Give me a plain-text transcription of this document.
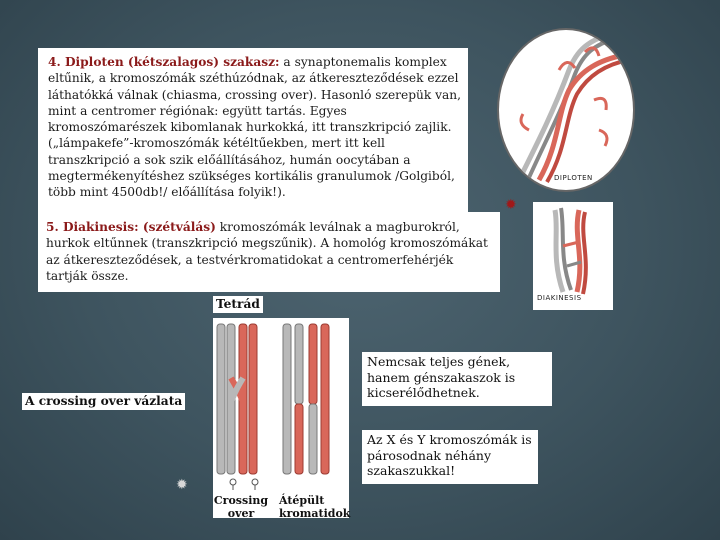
4. Diploten (kétszalagos) szakasz: a synaptonemalis komplex eltűnik, a kromoszómák széthúzódnak, az átkereszteződések ezzel láthatókká válnak (chiasma, crossing over). Hasonló szerepük van, mint a centromer régiónak: együtt tartás. Egyes kromoszómarészek kibomlanak hurkokká, itt transzkripció zajlik. („lámpakefe”-kromoszómák kétéltűekben, mert itt kell transzkripció a sok szik előállításához, humán oocytában a megtermékenyítéshez szükséges kortikális granulumok /Golgiból, több mint 4500db!/ előállítása folyik!).
5. Diakinesis: (szétválás) kromoszómák leválnak a magburokról, hurkok eltűnnek (transzkripció megszűnik). A homológ kromoszómákat az átkereszteződések, a testvérkromatidokat a centromerfehérjék tartják össze.
DIPLOTEN
DIAKINESIS
✹
Tetrád
Crossing over
Átépült kromatidok
A crossing over vázlata
✹
Nemcsak teljes gének, hanem génszakaszok is kicserélődhetnek.
Az X és Y kromoszómák is párosodnak néhány szakaszukkal!
